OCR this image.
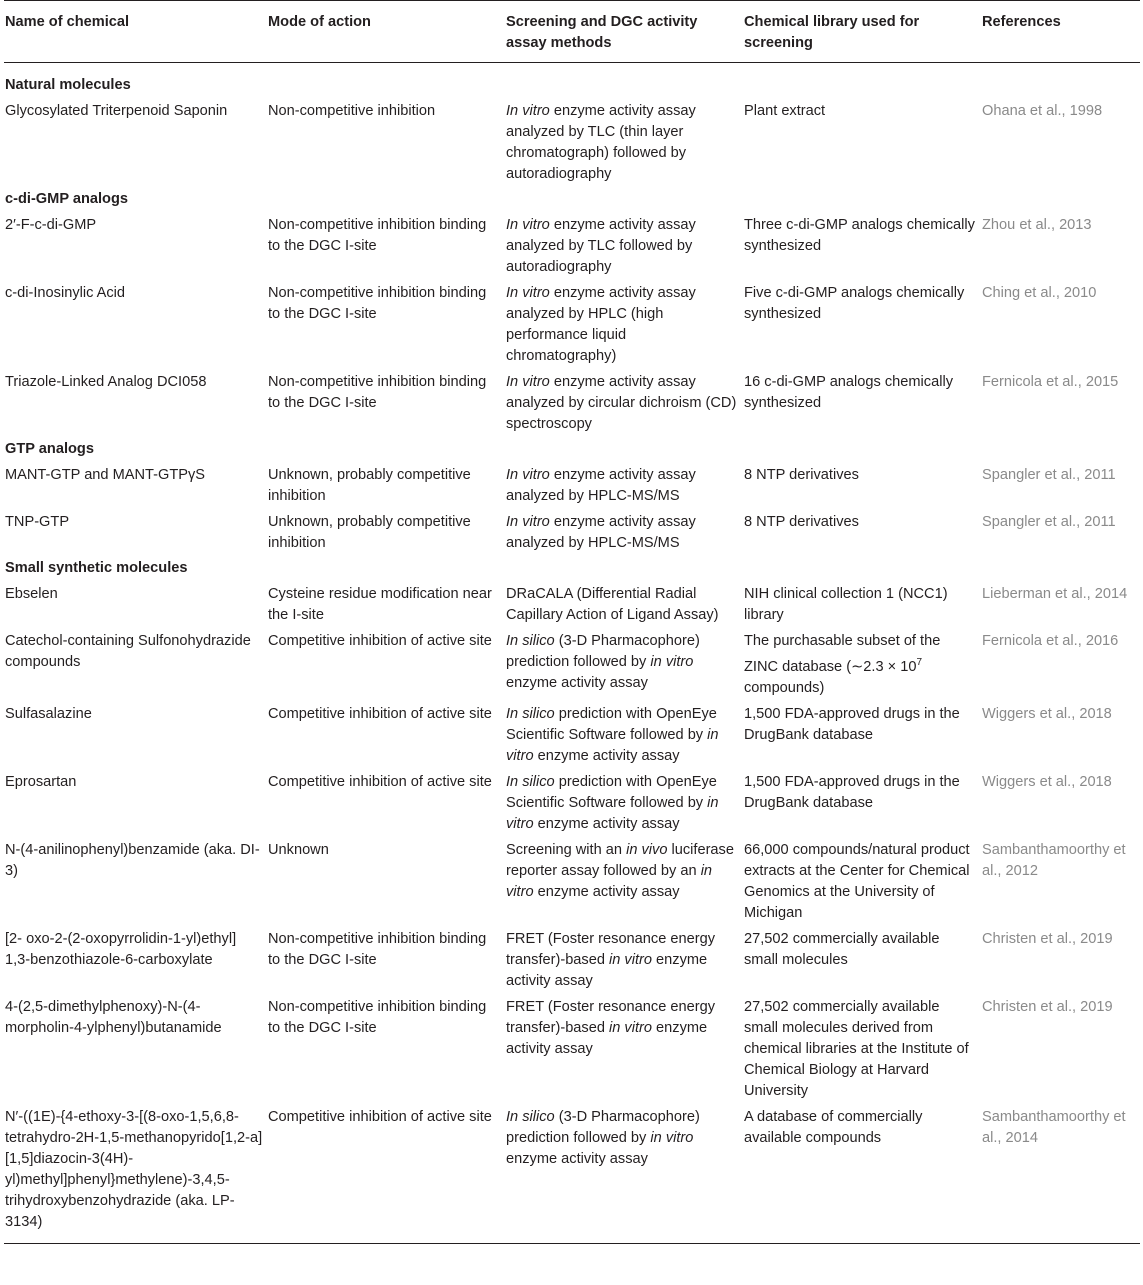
Name of chemical	Mode of action	Screening and DGC activity assay methods	Chemical library used for screening	References
Natural molecules				
Glycosylated Triterpenoid Saponin	Non-competitive inhibition	In vitro enzyme activity assay analyzed by TLC (thin layer chromatograph) followed by autoradiography	Plant extract	Ohana et al., 1998
c-di-GMP analogs				
2′-F-c-di-GMP	Non-competitive inhibition binding to the DGC I-site	In vitro enzyme activity assay analyzed by TLC followed by autoradiography	Three c-di-GMP analogs chemically synthesized	Zhou et al., 2013
c-di-Inosinylic Acid	Non-competitive inhibition binding to the DGC I-site	In vitro enzyme activity assay analyzed by HPLC (high performance liquid chromatography)	Five c-di-GMP analogs chemically synthesized	Ching et al., 2010
Triazole-Linked Analog DCI058	Non-competitive inhibition binding to the DGC I-site	In vitro enzyme activity assay analyzed by circular dichroism (CD) spectroscopy	16 c-di-GMP analogs chemically synthesized	Fernicola et al., 2015
GTP analogs				
MANT-GTP and MANT-GTPγS	Unknown, probably competitive inhibition	In vitro enzyme activity assay analyzed by HPLC-MS/MS	8 NTP derivatives	Spangler et al., 2011
TNP-GTP	Unknown, probably competitive inhibition	In vitro enzyme activity assay analyzed by HPLC-MS/MS	8 NTP derivatives	Spangler et al., 2011
Small synthetic molecules				
Ebselen	Cysteine residue modification near the I-site	DRaCALA (Differential Radial Capillary Action of Ligand Assay)	NIH clinical collection 1 (NCC1) library	Lieberman et al., 2014
Catechol-containing Sulfonohydrazide compounds	Competitive inhibition of active site	In silico (3-D Pharmacophore) prediction followed by in vitro enzyme activity assay	The purchasable subset of the ZINC database (∼2.3 × $10^7$ compounds)	Fernicola et al., 2016
Sulfasalazine	Competitive inhibition of active site	In silico prediction with OpenEye Scientific Software followed by in vitro enzyme activity assay	1,500 FDA-approved drugs in the DrugBank database	Wiggers et al., 2018
Eprosartan	Competitive inhibition of active site	In silico prediction with OpenEye Scientific Software followed by in vitro enzyme activity assay	1,500 FDA-approved drugs in the DrugBank database	Wiggers et al., 2018
N-(4-anilinophenyl)benzamide (aka. DI-3)	Unknown	Screening with an in vivo luciferase reporter assay followed by an in vitro enzyme activity assay	66,000 compounds/natural product extracts at the Center for Chemical Genomics at the University of Michigan	Sambanthamoorthy et al., 2012
[2- oxo-2-(2-oxopyrrolidin-1-yl)ethyl] 1,3-benzothiazole-6-carboxylate	Non-competitive inhibition binding to the DGC I-site	FRET (Foster resonance energy transfer)-based in vitro enzyme activity assay	27,502 commercially available small molecules	Christen et al., 2019
4-(2,5-dimethylphenoxy)-N-(4-morpholin-4-ylphenyl)butanamide	Non-competitive inhibition binding to the DGC I-site	FRET (Foster resonance energy transfer)-based in vitro enzyme activity assay	27,502 commercially available small molecules derived from chemical libraries at the Institute of Chemical Biology at Harvard University	Christen et al., 2019
N′-((1E)-{4-ethoxy-3-[(8-oxo-1,5,6,8-tetrahydro-2H-1,5-methanopyrido[1,2-a] [1,5]diazocin-3(4H)-yl)methyl]phenyl}methylene)-3,4,5-trihydroxybenzohydrazide (aka. LP-3134)	Competitive inhibition of active site	In silico (3-D Pharmacophore) prediction followed by in vitro enzyme activity assay	A database of commercially available compounds	Sambanthamoorthy et al., 2014
